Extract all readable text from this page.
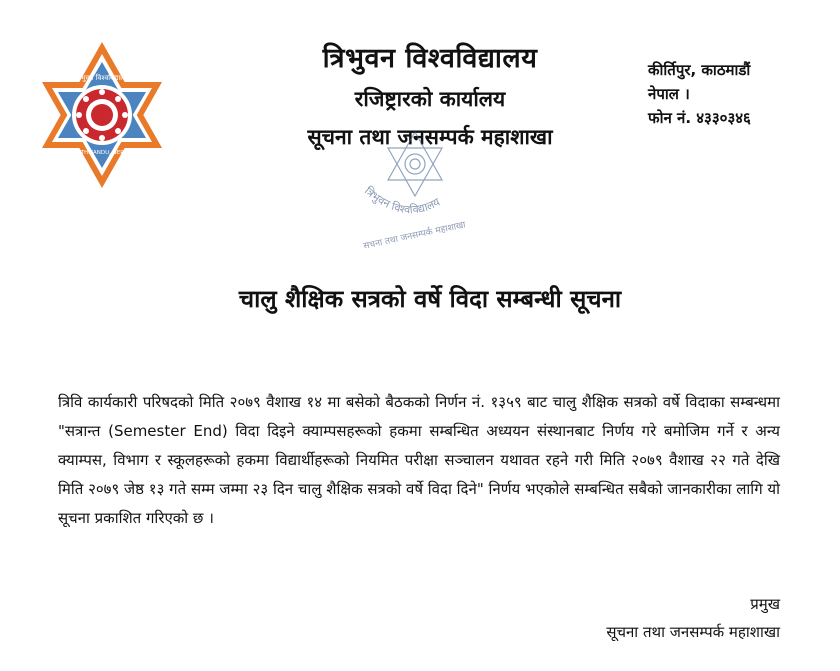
त्रिभुवन विश्वविद्यालय
KATHMANDU, NEPAL
त्रिभुवन विश्वविद्यालय
रजिष्ट्रारको कार्यालय
सूचना तथा जनसम्पर्क महाशाखा
कीर्तिपुर, काठमाडौं
नेपाल ।
फोन नं. ४३३०३४६
त्रिभुवन विश्वविद्यालय
सूचना तथा जनसम्पर्क महाशाखा
चालु शैक्षिक सत्रको वर्षे विदा सम्बन्धी सूचना

त्रिवि कार्यकारी परिषदको मिति २०७९ वैशाख १४ मा बसेको बैठकको निर्णन नं. १३५९ बाट चालु शैक्षिक सत्रको वर्षे विदाका सम्बन्धमा "सत्रान्त (Semester End) विदा दिइने क्याम्पसहरूको हकमा सम्बन्धित अध्ययन संस्थानबाट निर्णय गरे बमोजिम गर्ने र अन्य क्याम्पस, विभाग र स्कूलहरूको हकमा विद्यार्थीहरूको नियमित परीक्षा सञ्चालन यथावत रहने गरी मिति २०७९ वैशाख २२ गते देखि मिति २०७९ जेष्ठ १३ गते सम्म जम्मा २३ दिन चालु शैक्षिक सत्रको वर्षे विदा दिने" निर्णय भएकोले सम्बन्धित सबैको जानकारीका लागि यो सूचना प्रकाशित गरिएको छ ।

प्रमुख
सूचना तथा जनसम्पर्क महाशाखा
